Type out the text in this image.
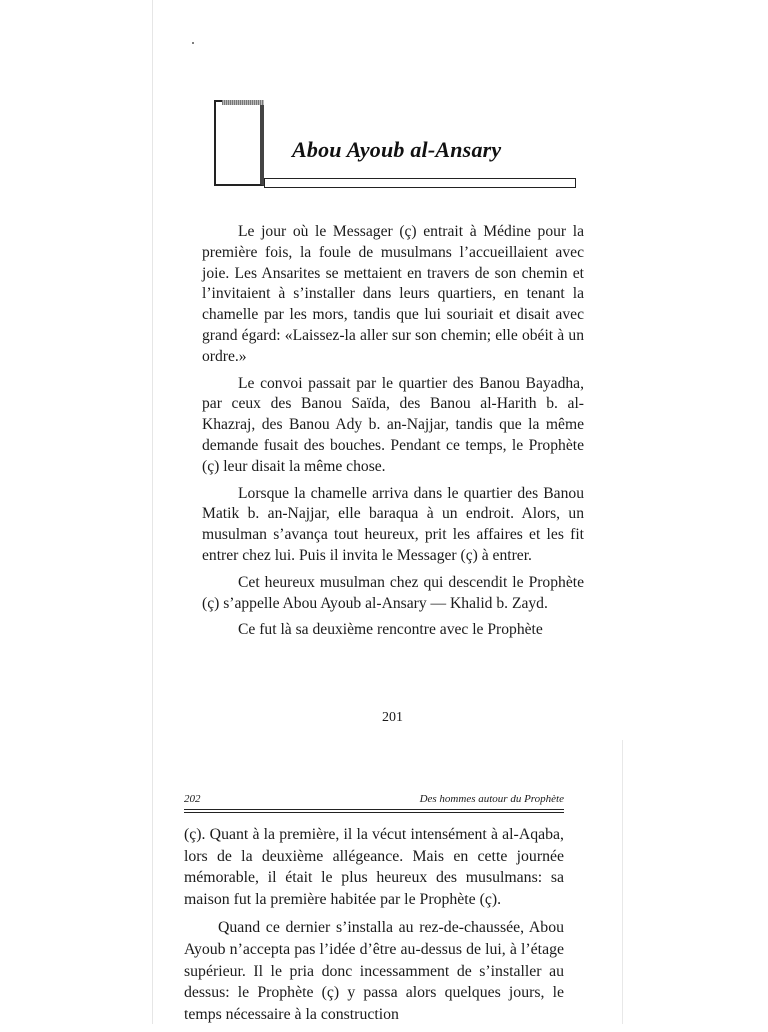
Abou Ayoub al-Ansary

Le jour où le Messager (ç) entrait à Médine pour la première fois, la foule de musulmans l’accueillaient avec joie. Les Ansarites se mettaient en travers de son chemin et l’invitaient à s’installer dans leurs quartiers, en tenant la chamelle par les mors, tandis que lui souriait et disait avec grand égard: «Laissez-la aller sur son chemin; elle obéit à un ordre.»

Le convoi passait par le quartier des Banou Bayadha, par ceux des Banou Saïda, des Banou al-Harith b. al-Khazraj, des Banou Ady b. an-Najjar, tandis que la même demande fusait des bouches. Pendant ce temps, le Prophète (ç) leur disait la même chose.

Lorsque la chamelle arriva dans le quartier des Banou Matik b. an-Najjar, elle baraqua à un endroit. Alors, un musulman s’avança tout heureux, prit les affaires et les fit entrer chez lui. Puis il invita le Messager (ç) à entrer.

Cet heureux musulman chez qui descendit le Prophète (ç) s’appelle Abou Ayoub al-Ansary — Khalid b. Zayd.

Ce fut là sa deuxième rencontre avec le Prophète

201
202	Des hommes autour du Prophète

(ç). Quant à la première, il la vécut intensément à al-Aqaba, lors de la deuxième allégeance. Mais en cette journée mémorable, il était le plus heureux des musulmans: sa maison fut la première habitée par le Prophète (ç).

Quand ce dernier s’installa au rez-de-chaussée, Abou Ayoub n’accepta pas l’idée d’être au-dessus de lui, à l’étage supérieur. Il le pria donc incessamment de s’installer au dessus: le Prophète (ç) y passa alors quelques jours, le temps nécessaire à la construction
